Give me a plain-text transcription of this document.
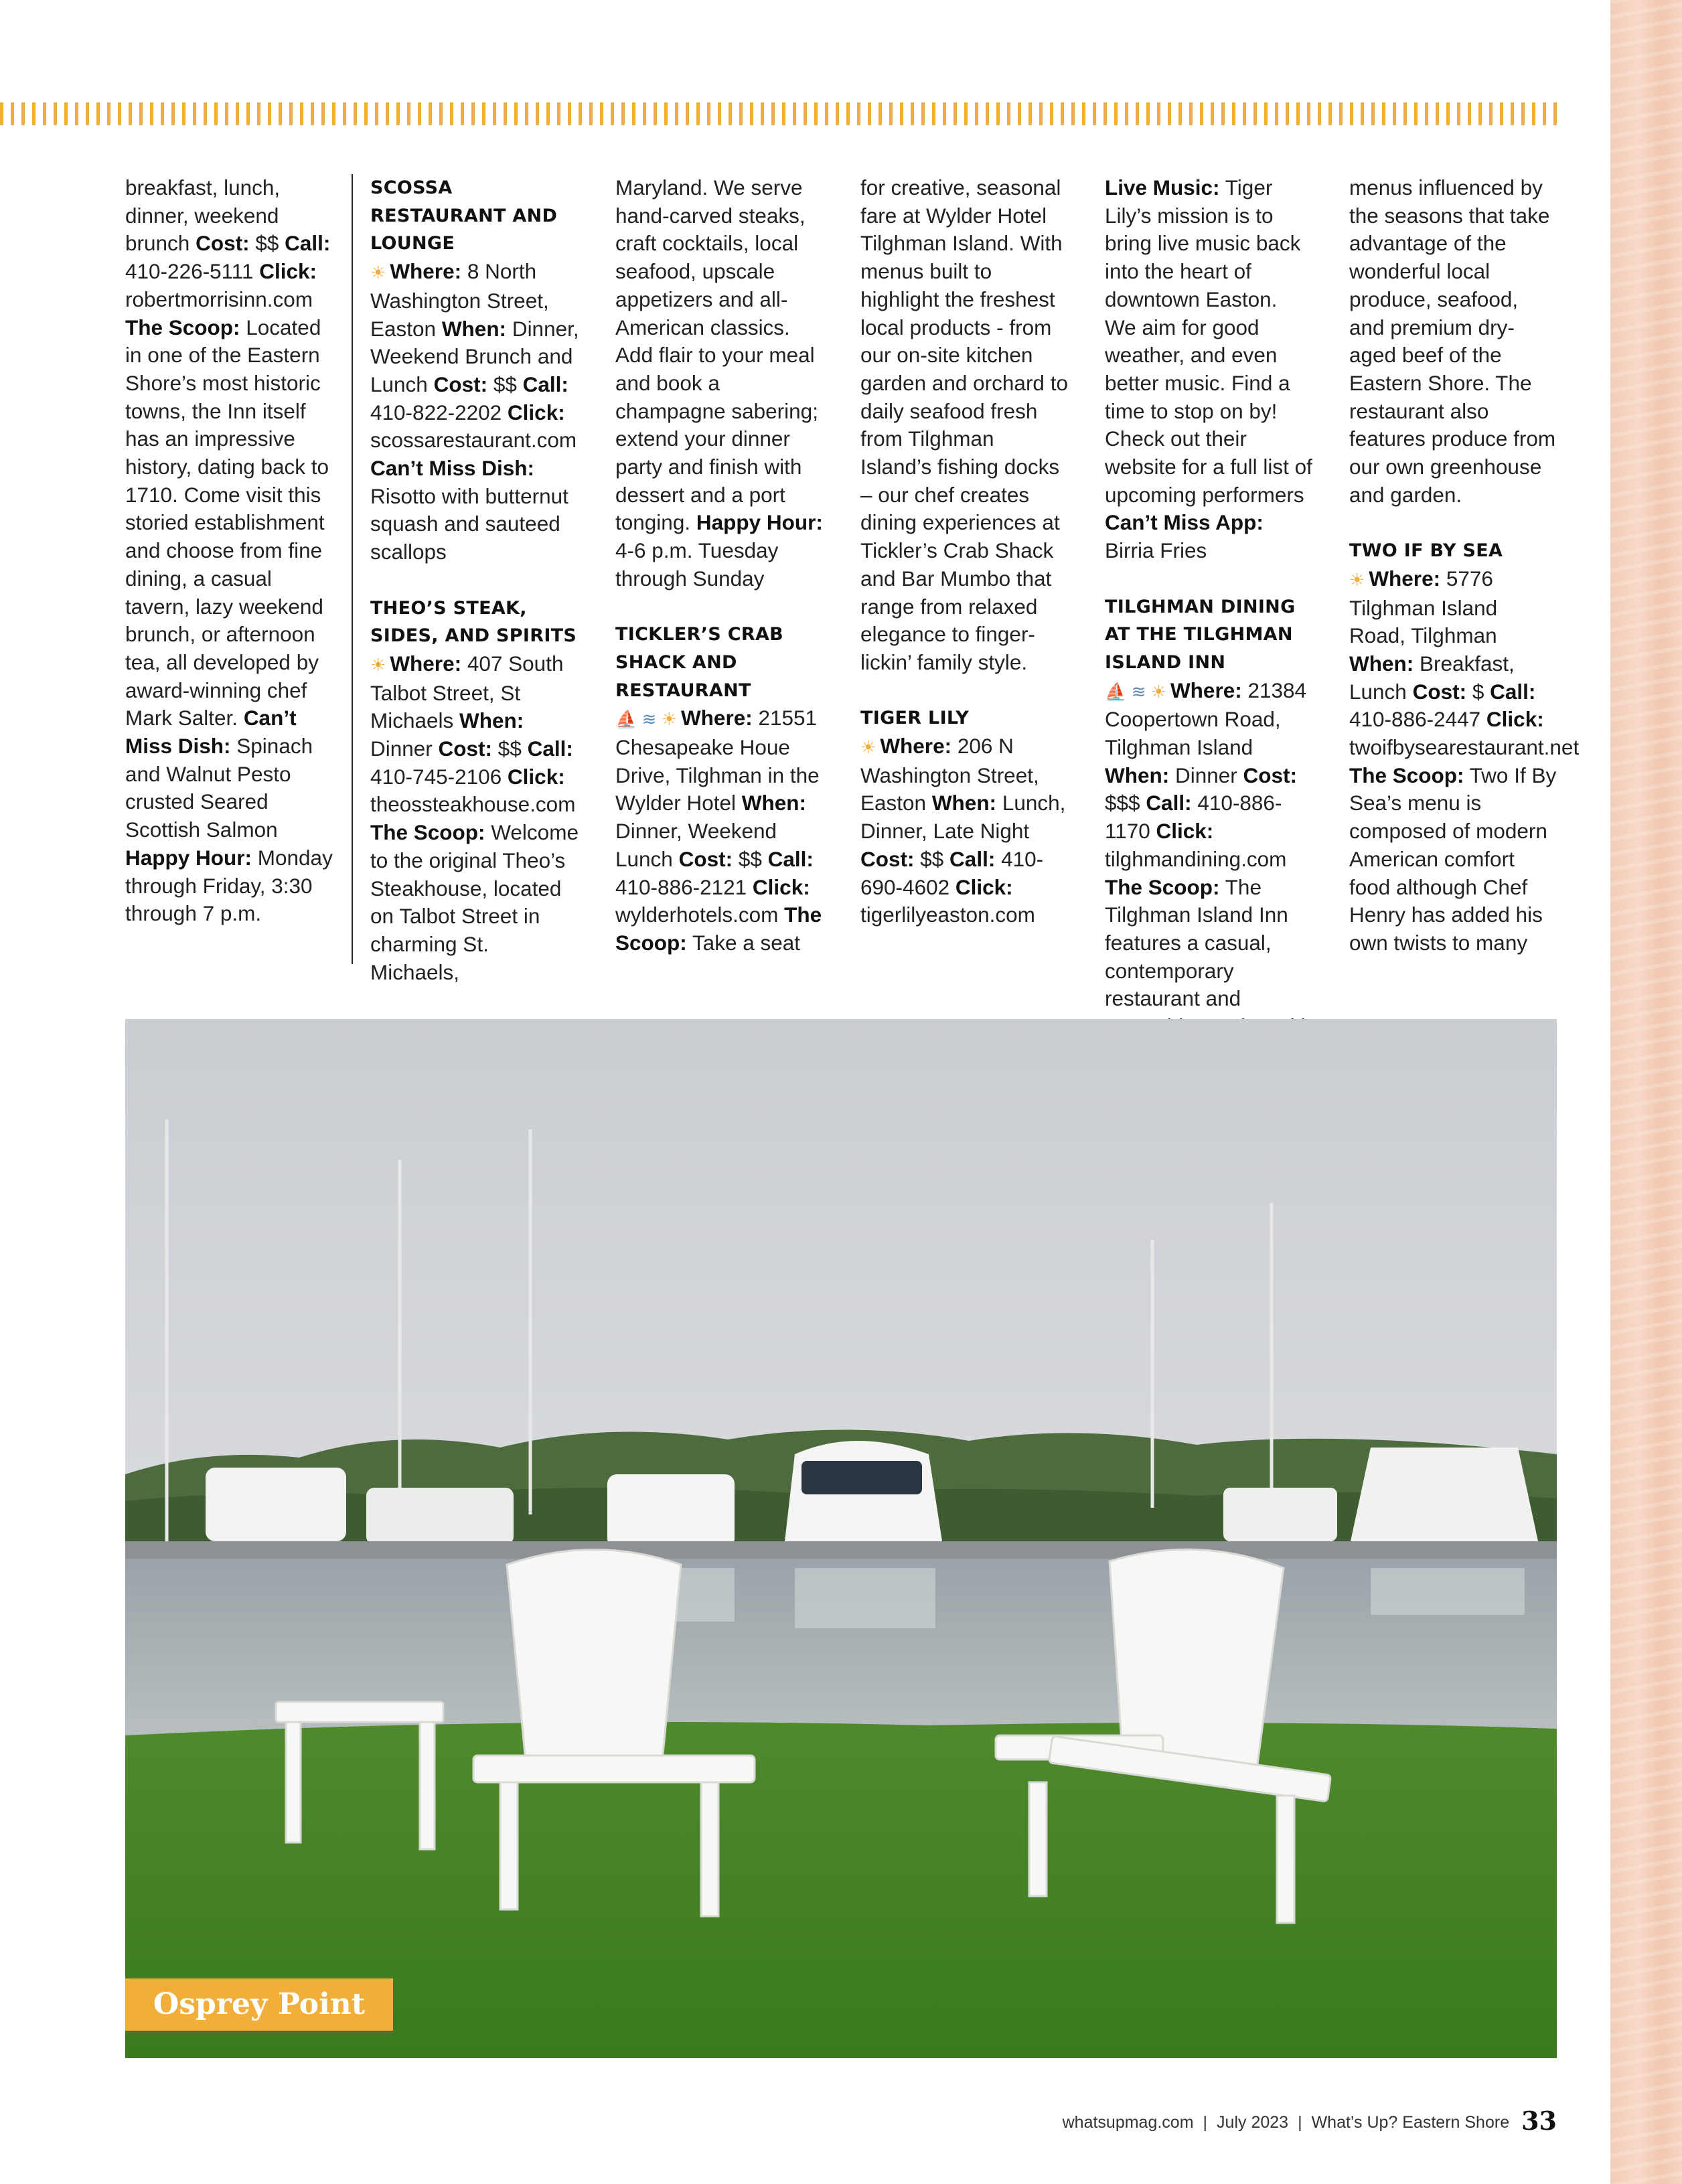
breakfast, lunch, dinner, weekend brunch Cost: $$ Call: 410-226-5111 Click: robertmorrisinn.com The Scoop: Located in one of the Eastern Shore’s most historic towns, the Inn itself has an impressive history, dating back to 1710. Come visit this storied establishment and choose from fine dining, a casual tavern, lazy weekend brunch, or afternoon tea, all developed by award-winning chef Mark Salter. Can’t Miss Dish: Spinach and Walnut Pesto crusted Seared Scottish Salmon Happy Hour: Monday through Friday, 3:30 through 7 p.m.

SCOSSA RESTAURANT AND LOUNGE

☀ Where: 8 North Washington Street, Easton When: Dinner, Weekend Brunch and Lunch Cost: $$ Call: 410-822-2202 Click: scossarestaurant.com Can’t Miss Dish: Risotto with butternut squash and sauteed scallops

THEO’S STEAK, SIDES, AND SPIRITS

☀ Where: 407 South Talbot Street, St Michaels When: Dinner Cost: $$ Call: 410-745-2106 Click: theossteakhouse.com The Scoop: Welcome to the original Theo’s Steakhouse, located on Talbot Street in charming St. Michaels,

Maryland. We serve hand-carved steaks, craft cocktails, local seafood, upscale appetizers and all-American classics. Add flair to your meal and book a champagne sabering; extend your dinner party and finish with dessert and a port tonging. Happy Hour: 4-6 p.m. Tuesday through Sunday

TICKLER’S CRAB SHACK AND RESTAURANT

⛵ ≋ ☀ Where: 21551 Chesapeake Houe Drive, Tilghman in the Wylder Hotel When: Dinner, Weekend Lunch Cost: $$ Call: 410-886-2121 Click: wylderhotels.com The Scoop: Take a seat

for creative, seasonal fare at Wylder Hotel Tilghman Island. With menus built to highlight the freshest local products - from our on-site kitchen garden and orchard to daily seafood fresh from Tilghman Island’s fishing docks – our chef creates dining experiences at Tickler’s Crab Shack and Bar Mumbo that range from relaxed elegance to finger-lickin’ family style.

TIGER LILY

☀ Where: 206 N Washington Street, Easton When: Lunch, Dinner, Late Night Cost: $$ Call: 410-690-4602 Click: tigerlilyeaston.com

Live Music: Tiger Lily’s mission is to bring live music back into the heart of downtown Easton. We aim for good weather, and even better music. Find a time to stop on by! Check out their website for a full list of upcoming performers Can’t Miss App: Birria Fries

TILGHMAN DINING AT THE TILGHMAN ISLAND INN

⛵ ≋ ☀ Where: 21384 Coopertown Road, Tilghman Island When: Dinner Cost: $$$ Call: 410-886-1170 Click: tilghmandining.com The Scoop: The Tilghman Island Inn features a casual, contemporary restaurant and

menus influenced by the seasons that take advantage of the wonderful local produce, seafood, and premium dry-aged beef of the Eastern Shore. The restaurant also features produce from our own greenhouse and garden.

TWO IF BY SEA

☀ Where: 5776 Tilghman Island Road, Tilghman When: Breakfast, Lunch Cost: $ Call: 410-886-2447 Click: twoifbysearestaurant.net The Scoop: Two If By Sea’s menu is composed of modern American comfort food although Chef Henry has added his own twists to many

Osprey Point
whatsupmag.com | July 2023 | What’s Up? Eastern Shore 33
